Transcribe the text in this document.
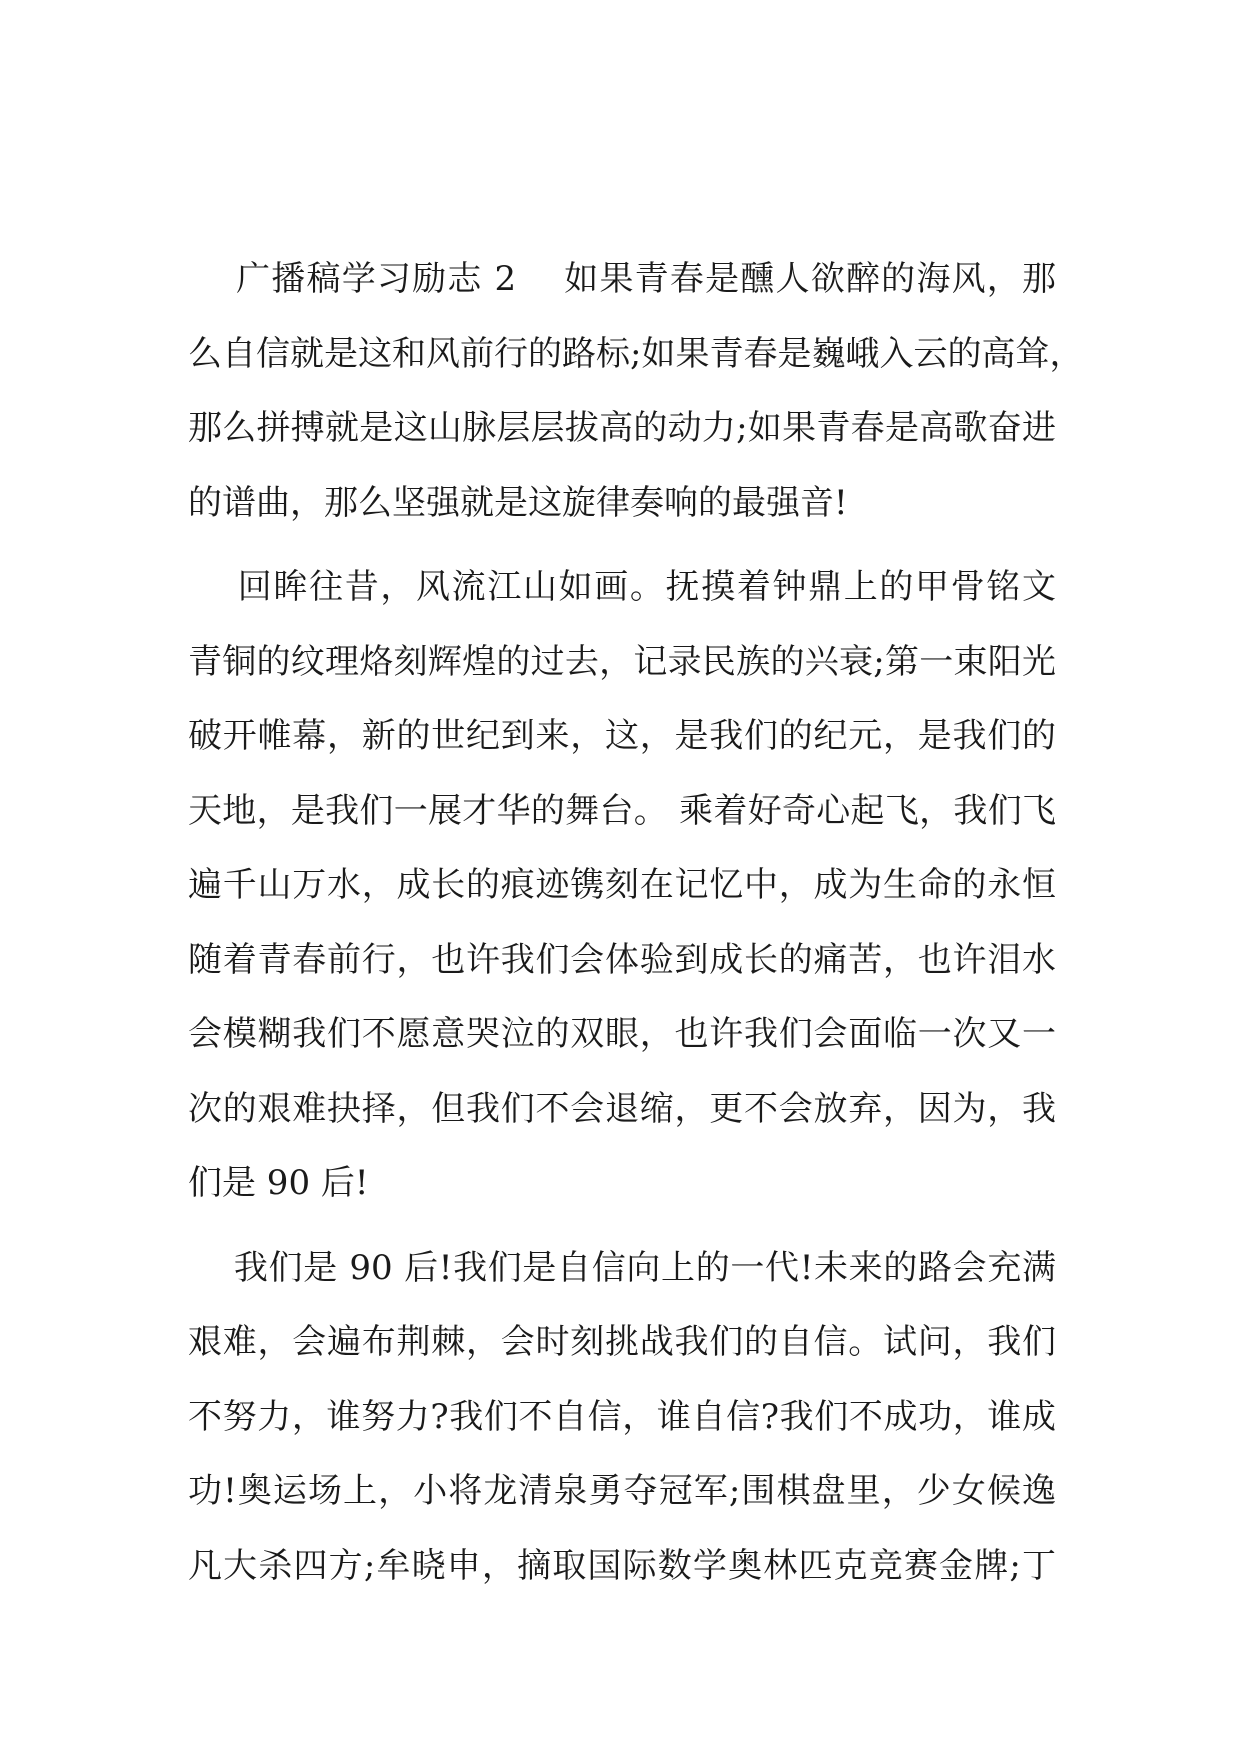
广播稿学习励志 2    如果青春是醺人欲醉的海风，那
么自信就是这和风前行的路标;如果青春是巍峨入云的高耸，
那么拼搏就是这山脉层层拔高的动力;如果青春是高歌奋进
的谱曲，那么坚强就是这旋律奏响的最强音!
回眸往昔，风流江山如画。抚摸着钟鼎上的甲骨铭文
青铜的纹理烙刻辉煌的过去，记录民族的兴衰;第一束阳光
破开帷幕，新的世纪到来，这，是我们的纪元，是我们的
天地，是我们一展才华的舞台。 乘着好奇心起飞，我们飞
遍千山万水，成长的痕迹镌刻在记忆中，成为生命的永恒
随着青春前行，也许我们会体验到成长的痛苦，也许泪水
会模糊我们不愿意哭泣的双眼，也许我们会面临一次又一
次的艰难抉择，但我们不会退缩，更不会放弃，因为，我
们是 90 后!
我们是 90 后!我们是自信向上的一代!未来的路会充满
艰难，会遍布荆棘，会时刻挑战我们的自信。试问，我们
不努力，谁努力?我们不自信，谁自信?我们不成功，谁成
功!奥运场上，小将龙清泉勇夺冠军;围棋盘里，少女候逸
凡大杀四方;牟晓申，摘取国际数学奥林匹克竞赛金牌;丁
